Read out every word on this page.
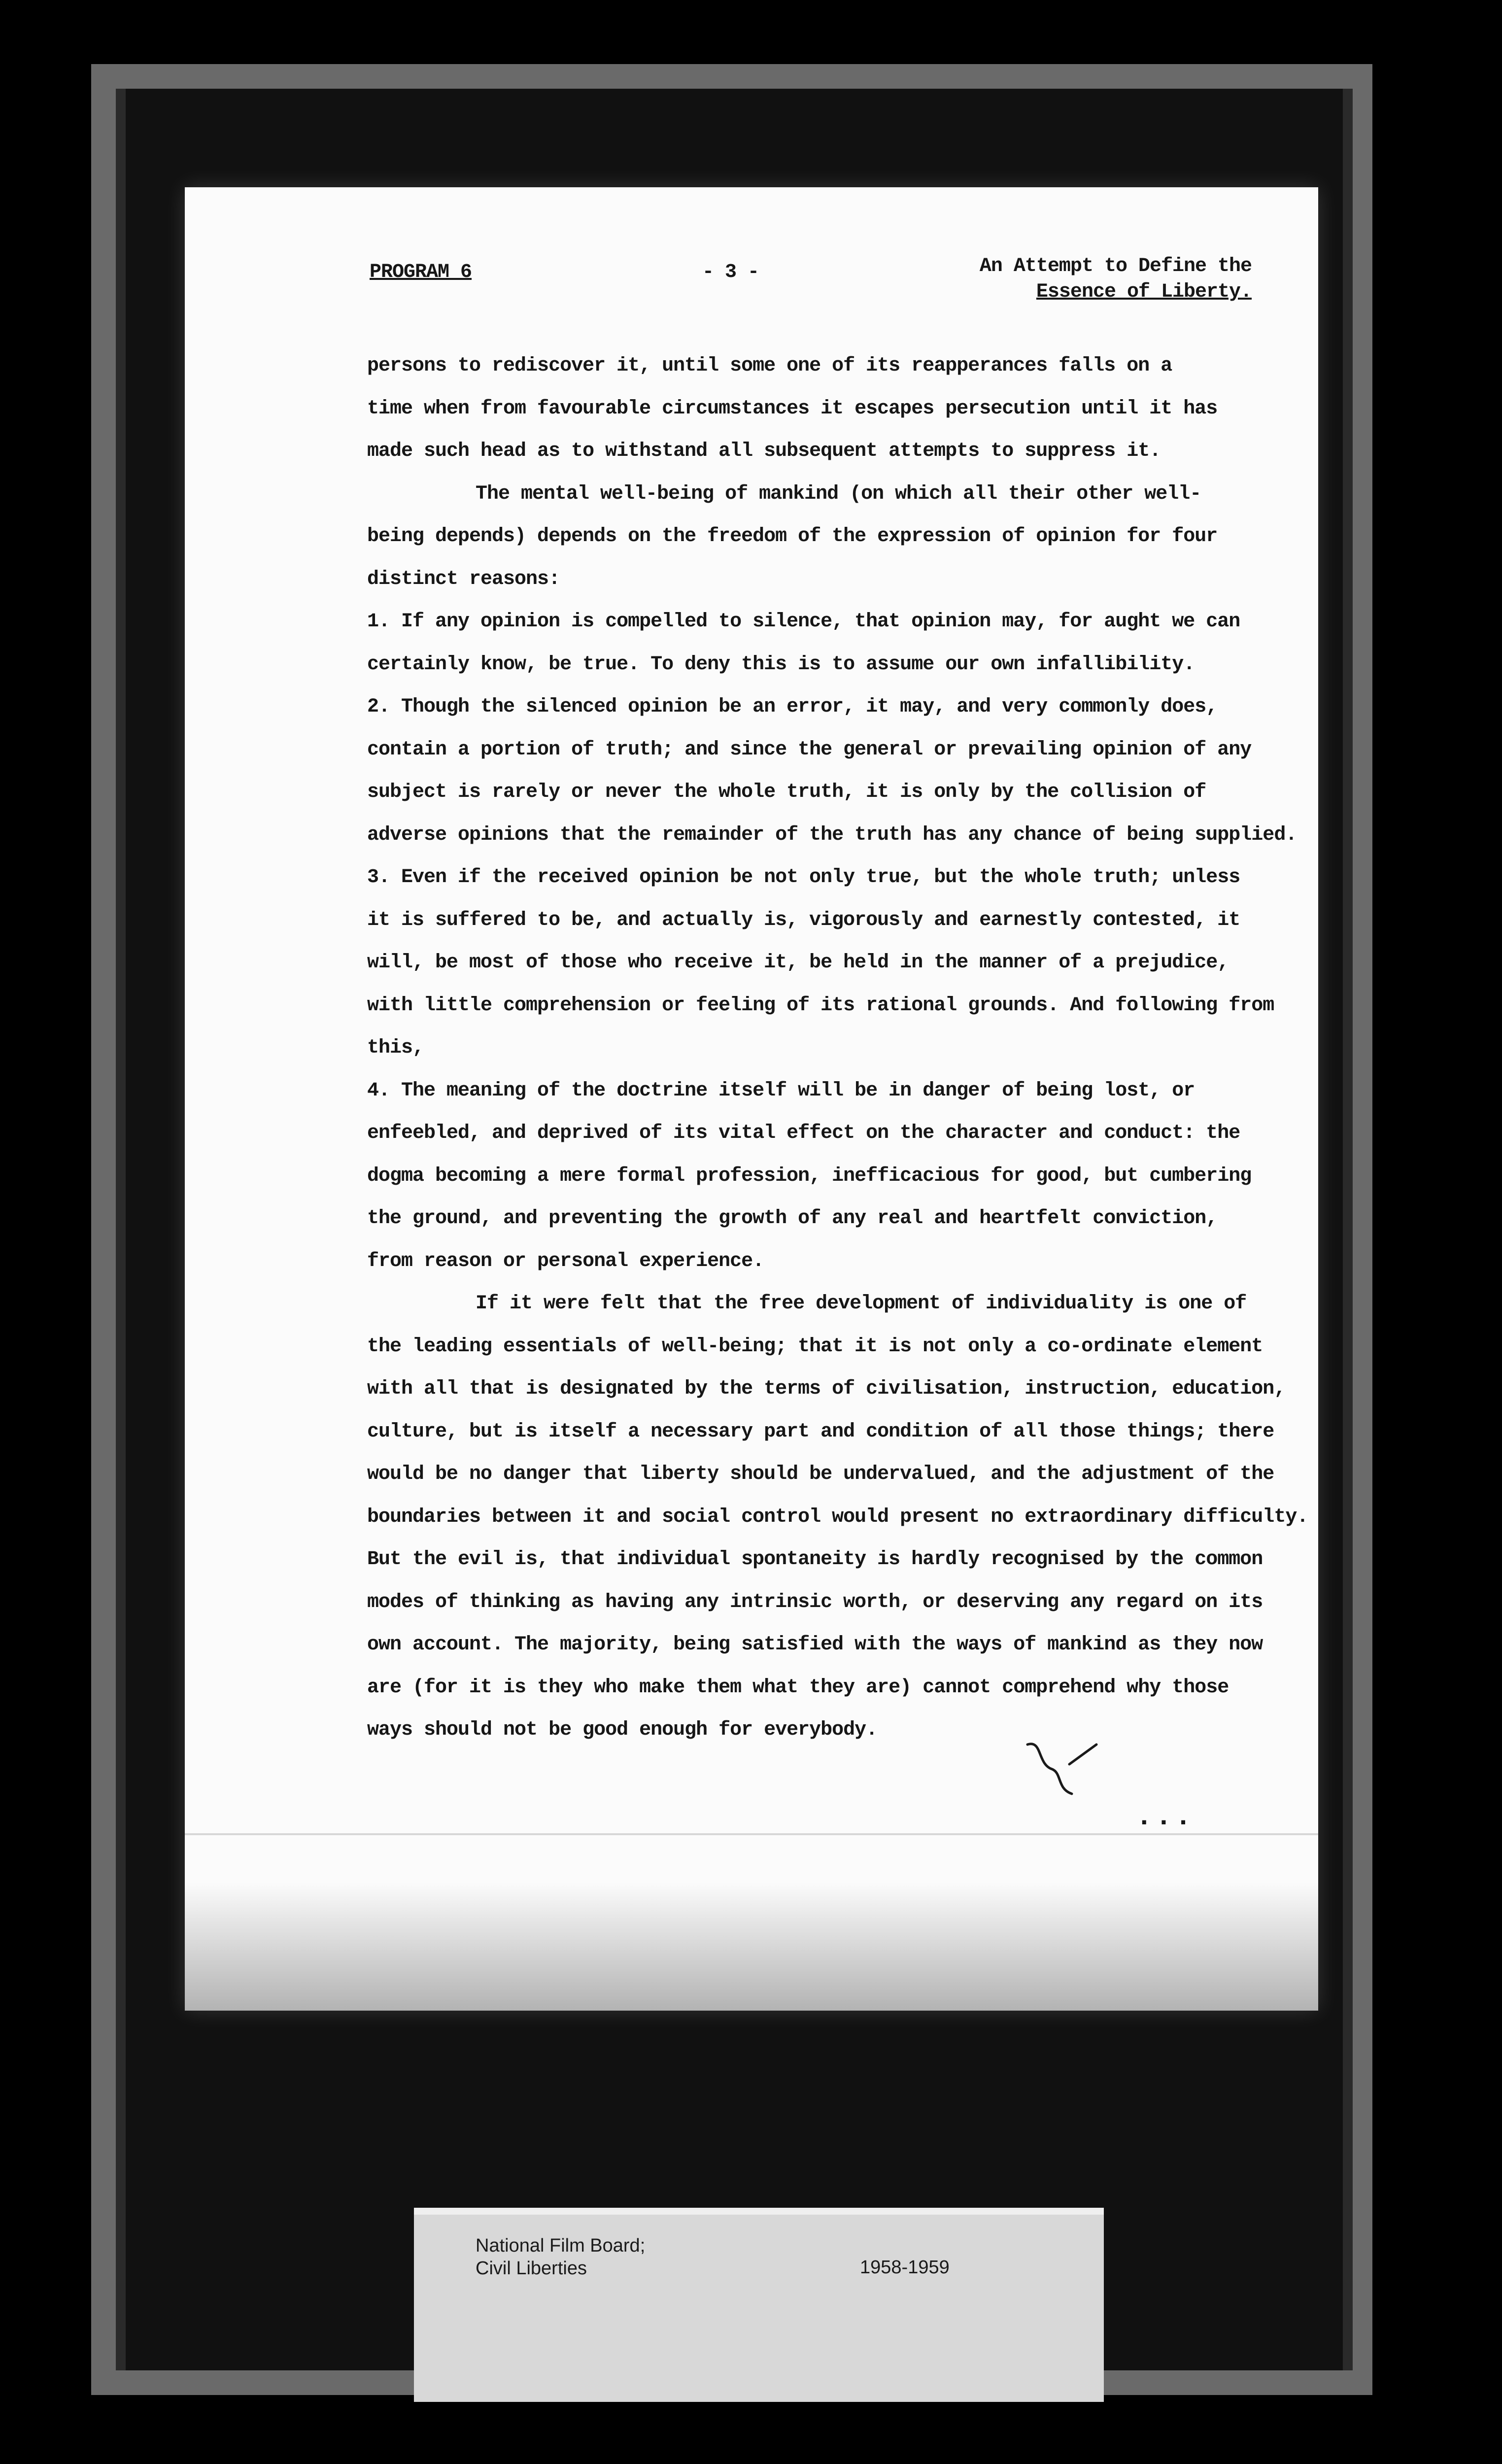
PROGRAM 6	- 3 -	An Attempt to Define the
Essence of Liberty.
persons to rediscover it, until some one of its reapperances falls on a
time when from favourable circumstances it escapes persecution until it has
made such head as to withstand all subsequent attempts to suppress it.
The mental well-being of mankind (on which all their other well-
being depends) depends on the freedom of the expression of opinion for four
distinct reasons:
1. If any opinion is compelled to silence, that opinion may, for aught we can
certainly know, be true. To deny this is to assume our own infallibility.
2. Though the silenced opinion be an error, it may, and very commonly does,
contain a portion of truth; and since the general or prevailing opinion of any
subject is rarely or never the whole truth, it is only by the collision of
adverse opinions that the remainder of the truth has any chance of being supplied.
3. Even if the received opinion be not only true, but the whole truth; unless
it is suffered to be, and actually is, vigorously and earnestly contested, it
will, be most of those who receive it, be held in the manner of a prejudice,
with little comprehension or feeling of its rational grounds. And following from
this,
4. The meaning of the doctrine itself will be in danger of being lost, or
enfeebled, and deprived of its vital effect on the character and conduct: the
dogma becoming a mere formal profession, inefficacious for good, but cumbering
the ground, and preventing the growth of any real and heartfelt conviction,
from reason or personal experience.
If it were felt that the free development of individuality is one of
the leading essentials of well-being; that it is not only a co-ordinate element
with all that is designated by the terms of civilisation, instruction, education,
culture, but is itself a necessary part and condition of all those things; there
would be no danger that liberty should be undervalued, and the adjustment of the
boundaries between it and social control would present no extraordinary difficulty.
But the evil is, that individual spontaneity is hardly recognised by the common
modes of thinking as having any intrinsic worth, or deserving any regard on its
own account. The majority, being satisfied with the ways of mankind as they now
are (for it is they who make them what they are) cannot comprehend why those
ways should not be good enough for everybody.
...
National Film Board;
Civil Liberties	1958-1959
